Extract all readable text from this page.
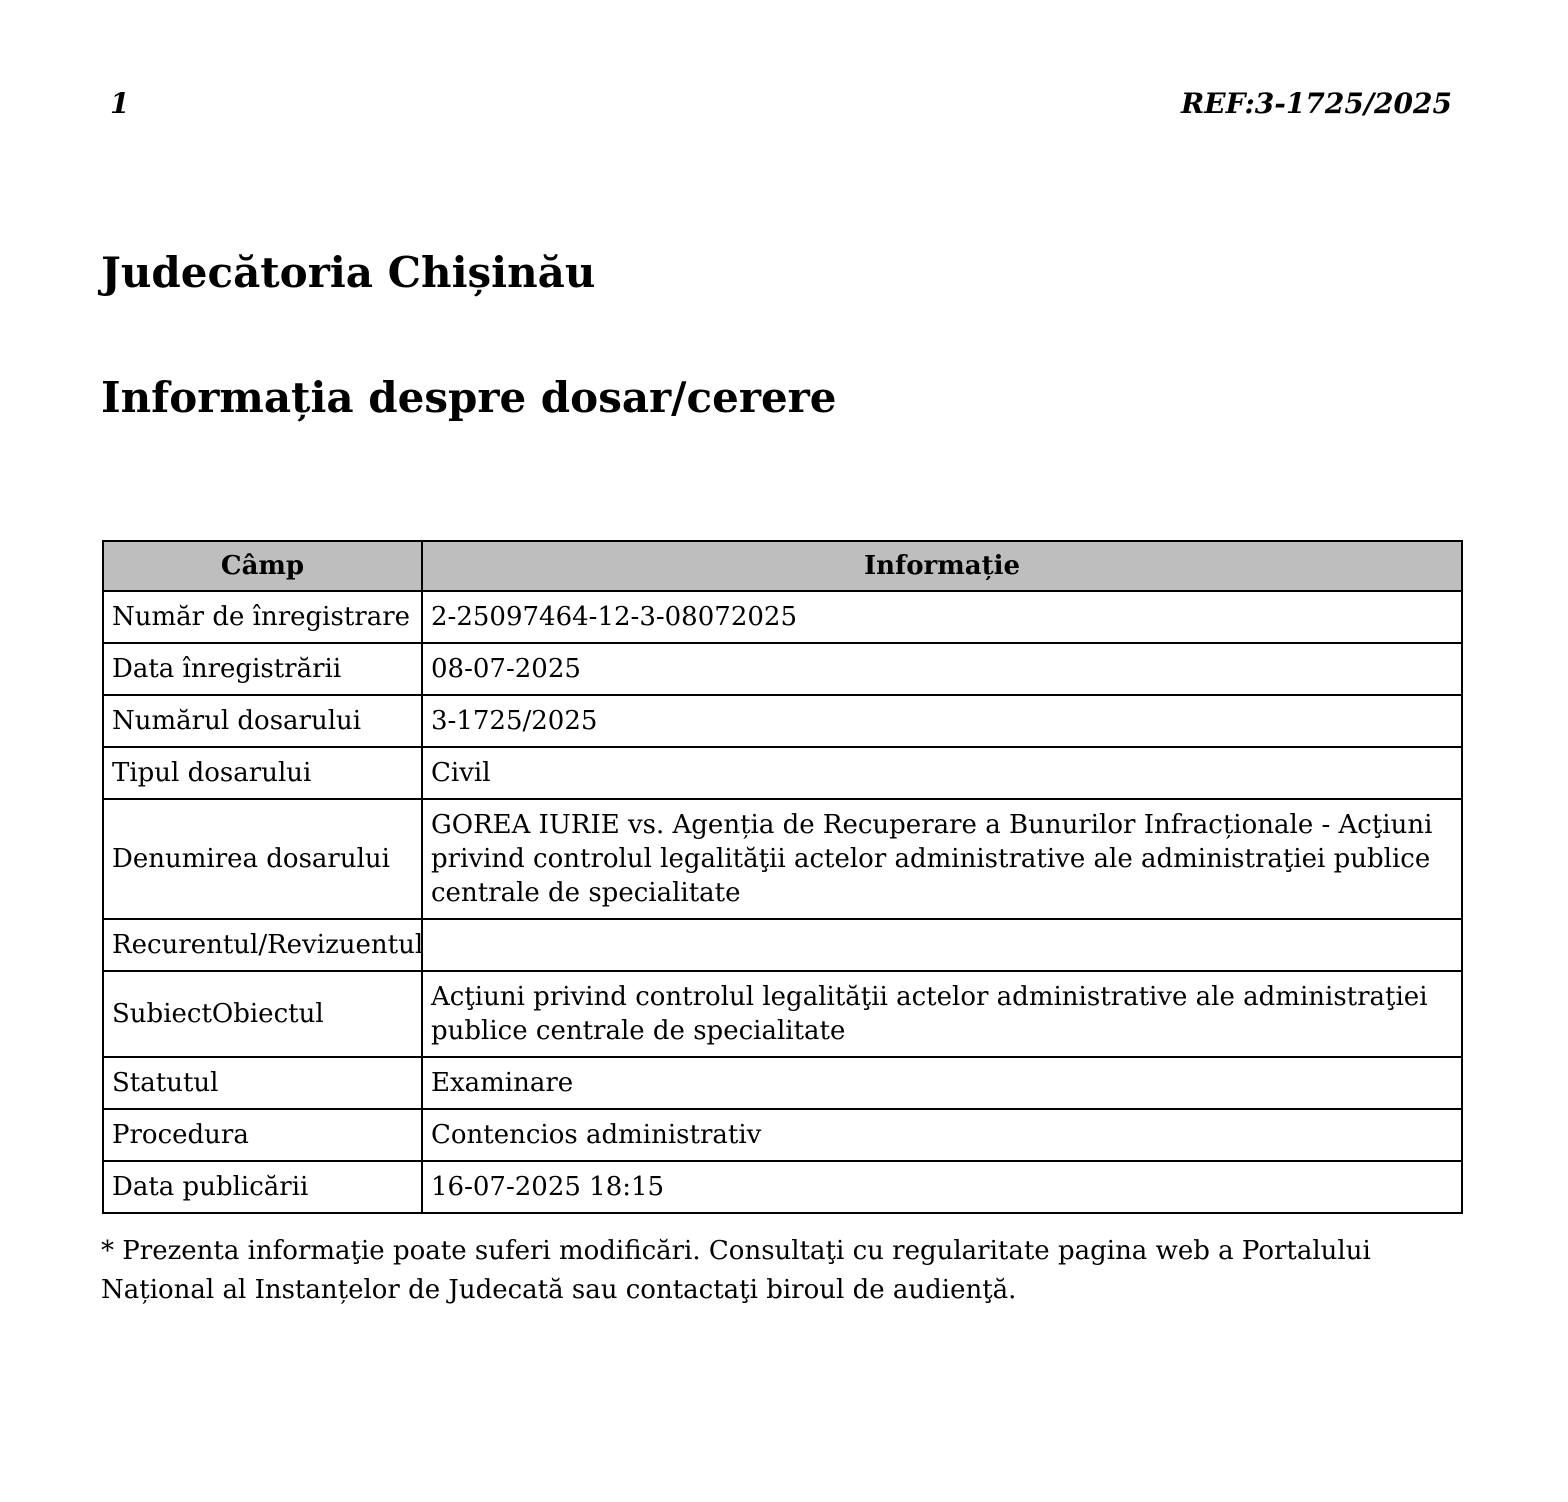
1	REF:3-1725/2025
Judecătoria Chișinău
Informația despre dosar/cerere
Câmp	Informație
Număr de înregistrare	2-25097464-12-3-08072025
Data înregistrării	08-07-2025
Numărul dosarului	3-1725/2025
Tipul dosarului	Civil
Denumirea dosarului	GOREA IURIE vs. Agenția de Recuperare a Bunurilor Infracționale - Acţiuni privind controlul legalităţii actelor administrative ale administraţiei publice centrale de specialitate
Recurentul/Revizuentul	
SubiectObiectul	Acţiuni privind controlul legalităţii actelor administrative ale administraţiei publice centrale de specialitate
Statutul	Examinare
Procedura	Contencios administrativ
Data publicării	16-07-2025 18:15

* Prezenta informaţie poate suferi modificări. Consultaţi cu regularitate pagina web a Portalului Național al Instanțelor de Judecată sau contactaţi biroul de audienţă.
